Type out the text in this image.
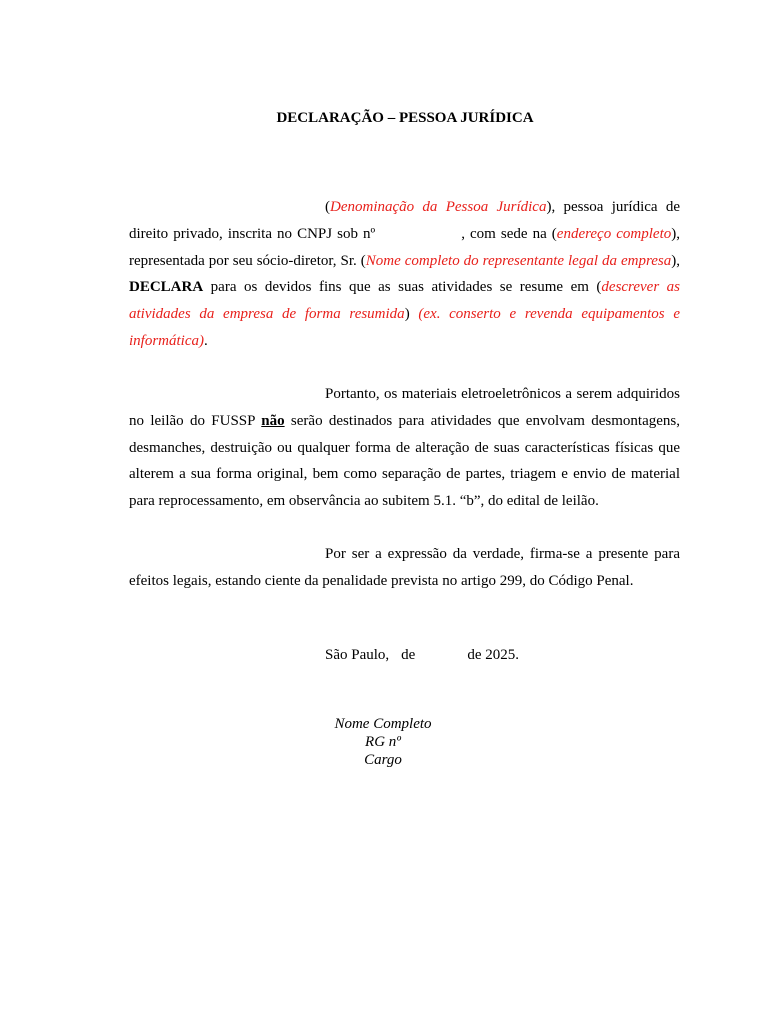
DECLARAÇÃO – PESSOA JURÍDICA

(Denominação da Pessoa Jurídica), pessoa jurídica de direito privado, inscrita no CNPJ sob nº	, com sede na (endereço completo), representada por seu sócio-diretor, Sr. (Nome completo do representante legal da empresa), DECLARA para os devidos fins que as suas atividades se resume em (descrever as atividades da empresa de forma resumida) (ex. conserto e revenda equipamentos e informática).

Portanto, os materiais eletroeletrônicos a serem adquiridos no leilão do FUSSP não serão destinados para atividades que envolvam desmontagens, desmanches, destruição ou qualquer forma de alteração de suas características físicas que alterem a sua forma original, bem como separação de partes, triagem e envio de material para reprocessamento, em observância ao subitem 5.1. “b”, do edital de leilão.

Por ser a expressão da verdade, firma-se a presente para efeitos legais, estando ciente da penalidade prevista no artigo 299, do Código Penal.

São Paulo, de	de 2025.
Nome Completo
RG nº
Cargo
